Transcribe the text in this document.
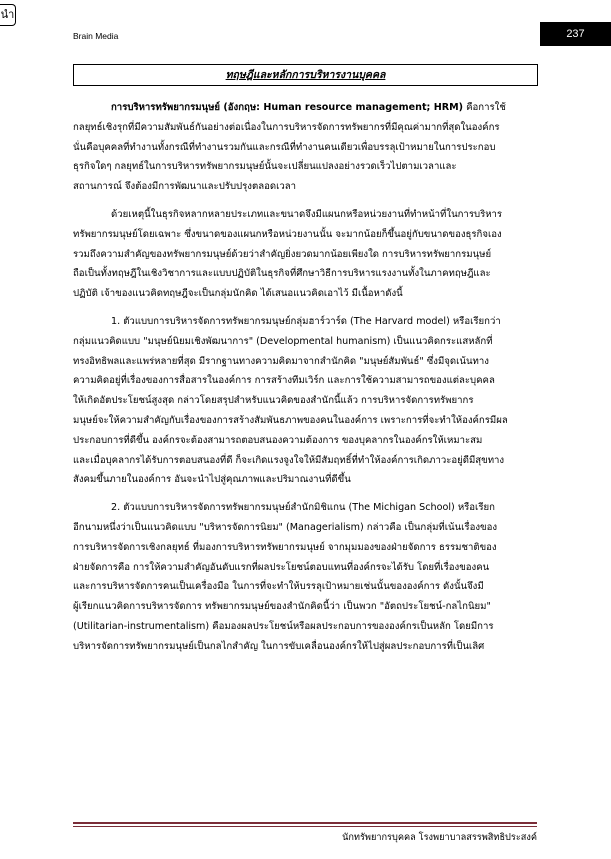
นำ
Brain Media	237
ทฤษฎีและหลักการบริหารงานบุคคล
การบริหารทรัพยากรมนุษย์ (อังกฤษ: Human resource management; HRM) คือการใช้
กลยุทธ์เชิงรุกที่มีความสัมพันธ์กันอย่างต่อเนื่องในการบริหารจัดการทรัพยากรที่มีคุณค่ามากที่สุดในองค์กร
นั่นคือบุคคลที่ทำงานทั้งกรณีที่ทำงานรวมกันและกรณีที่ทำงานคนเดียวเพื่อบรรลุเป้าหมายในการประกอบ
ธุรกิจใดๆ กลยุทธ์ในการบริหารทรัพยากรมนุษย์นั้นจะเปลี่ยนแปลงอย่างรวดเร็วไปตามเวลาและ
สถานการณ์ จึงต้องมีการพัฒนาและปรับปรุงตลอดเวลา
ด้วยเหตุนี้ในธุรกิจหลากหลายประเภทและขนาดจึงมีแผนกหรือหน่วยงานที่ทำหน้าที่ในการบริหาร
ทรัพยากรมนุษย์โดยเฉพาะ ซึ่งขนาดของแผนกหรือหน่วยงานนั้น จะมากน้อยก็ขึ้นอยู่กับขนาดของธุรกิจเอง
รวมถึงความสำคัญของทรัพยากรมนุษย์ด้วยว่าสำคัญยิ่งยวดมากน้อยเพียงใด การบริหารทรัพยากรมนุษย์
ถือเป็นทั้งทฤษฎีในเชิงวิชาการและแบบปฏิบัติในธุรกิจที่ศึกษาวิธีการบริหารแรงงานทั้งในภาคทฤษฎีและ
ปฏิบัติ เจ้าของแนวคิดทฤษฎีจะเป็นกลุ่มนักคิด ได้เสนอแนวคิดเอาไว้ มีเนื้อหาดังนี้
1. ตัวแบบการบริหารจัดการทรัพยากรมนุษย์กลุ่มฮาร์วาร์ด (The Harvard model) หรือเรียกว่า
กลุ่มแนวคิดแบบ "มนุษย์นิยมเชิงพัฒนาการ" (Developmental humanism) เป็นแนวคิดกระแสหลักที่
ทรงอิทธิพลและแพร่หลายที่สุด มีรากฐานทางความคิดมาจากสำนักคิด "มนุษย์สัมพันธ์" ซึ่งมีจุดเน้นทาง
ความคิดอยู่ที่เรื่องของการสื่อสารในองค์การ การสร้างทีมเวิร์ก และการใช้ความสามารถของแต่ละบุคคล
ให้เกิดอัตประโยชน์สูงสุด กล่าวโดยสรุปสำหรับแนวคิดของสำนักนี้แล้ว การบริหารจัดการทรัพยากร
มนุษย์จะให้ความสำคัญกับเรื่องของการสร้างสัมพันธภาพของคนในองค์การ เพราะการที่จะทำให้องค์กรมีผล
ประกอบการที่ดีขึ้น องค์กรจะต้องสามารถตอบสนองความต้องการ ของบุคลากรในองค์กรให้เหมาะสม
และเมื่อบุคลากรได้รับการตอบสนองที่ดี ก็จะเกิดแรงจูงใจให้มีสัมฤทธิ์ที่ทำให้องค์การเกิดภาวะอยู่ดีมีสุขทาง
สังคมขึ้นภายในองค์การ อันจะนำไปสู่คุณภาพและปริมาณงานที่ดีขึ้น
2. ตัวแบบการบริหารจัดการทรัพยากรมนุษย์สำนักมิชิแกน (The Michigan School) หรือเรียก
อีกนามหนึ่งว่าเป็นแนวคิดแบบ "บริหารจัดการนิยม" (Managerialism) กล่าวคือ เป็นกลุ่มที่เน้นเรื่องของ
การบริหารจัดการเชิงกลยุทธ์ ที่มองการบริหารทรัพยากรมนุษย์ จากมุมมองของฝ่ายจัดการ ธรรมชาติของ
ฝ่ายจัดการคือ การให้ความสำคัญอันดับแรกที่ผลประโยชน์ตอบแทนที่องค์กรจะได้รับ โดยที่เรื่องของคน
และการบริหารจัดการคนเป็นเครื่องมือ ในการที่จะทำให้บรรลุเป้าหมายเช่นนั้นขององค์การ ดังนั้นจึงมี
ผู้เรียกแนวคิดการบริหารจัดการ ทรัพยากรมนุษย์ของสำนักคิดนี้ว่า เป็นพวก "อัตถประโยชน์-กลไกนิยม"
(Utilitarian-instrumentalism) คือมองผลประโยชน์หรือผลประกอบการขององค์กรเป็นหลัก โดยมีการ
บริหารจัดการทรัพยากรมนุษย์เป็นกลไกสำคัญ ในการขับเคลื่อนองค์กรให้ไปสู่ผลประกอบการที่เป็นเลิศ
นักทรัพยากรบุคคล โรงพยาบาลสรรพสิทธิประสงค์
